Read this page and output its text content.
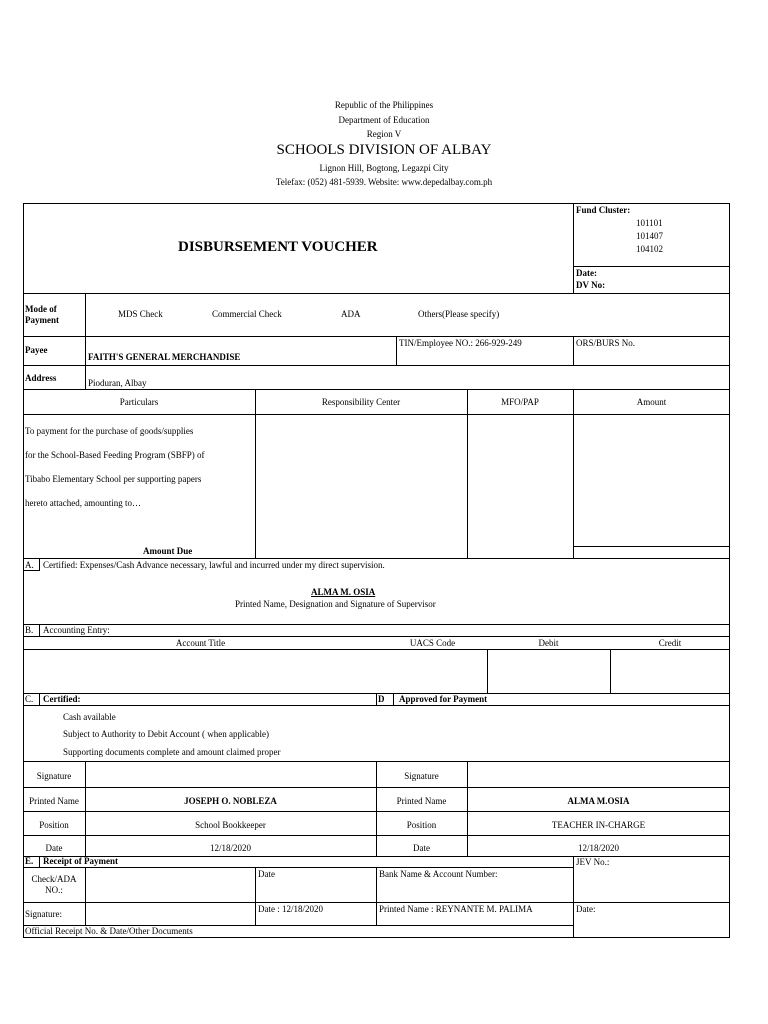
Republic of the Philippines
Department of Education
Region V
SCHOOLS DIVISION OF ALBAY
Lignon Hill, Bogtong, Legazpi City
Telefax: (052) 481-5939. Website: www.depedalbay.com.ph
DISBURSEMENT VOUCHER
Fund Cluster:
101101
101407
104102
Date:
DV No:
Mode of Payment
MDS Check	Commercial Check	ADA	Others(Please specify)
Payee
FAITH'S GENERAL MERCHANDISE
TIN/Employee NO.: 266-929-249	ORS/BURS No.
Address	Pioduran, Albay
Particulars	Responsibility Center	MFO/PAP	Amount
To payment for the purchase of goods/supplies
for the School-Based Feeding Program (SBFP) of
Tibabo Elementary School per supporting papers
hereto attached, amounting to…
Amount Due
A. Certified: Expenses/Cash Advance necessary, lawful and incurred under my direct supervision.
ALMA M. OSIA
Printed Name, Designation and Signature of Supervisor
B. Accounting Entry:
Account Title	UACS Code	Debit	Credit
C. Certified:	D Approved for Payment
Cash available
Subject to Authority to Debit Account ( when applicable)
Supporting documents complete and amount claimed proper
Signature	Signature
Printed Name	Printed Name
JOSEPH O. NOBLEZA	ALMA M.OSIA
Position	Position
School Bookkeeper	TEACHER IN-CHARGE
Date	Date
12/18/2020	12/18/2020
E. Receipt of Payment	JEV No.:
Check/ADA NO.:
Date	Bank Name & Account Number:
Signature:	Date : 12/18/2020	Printed Name : REYNANTE M. PALIMA	Date:
Official Receipt No. & Date/Other Documents
